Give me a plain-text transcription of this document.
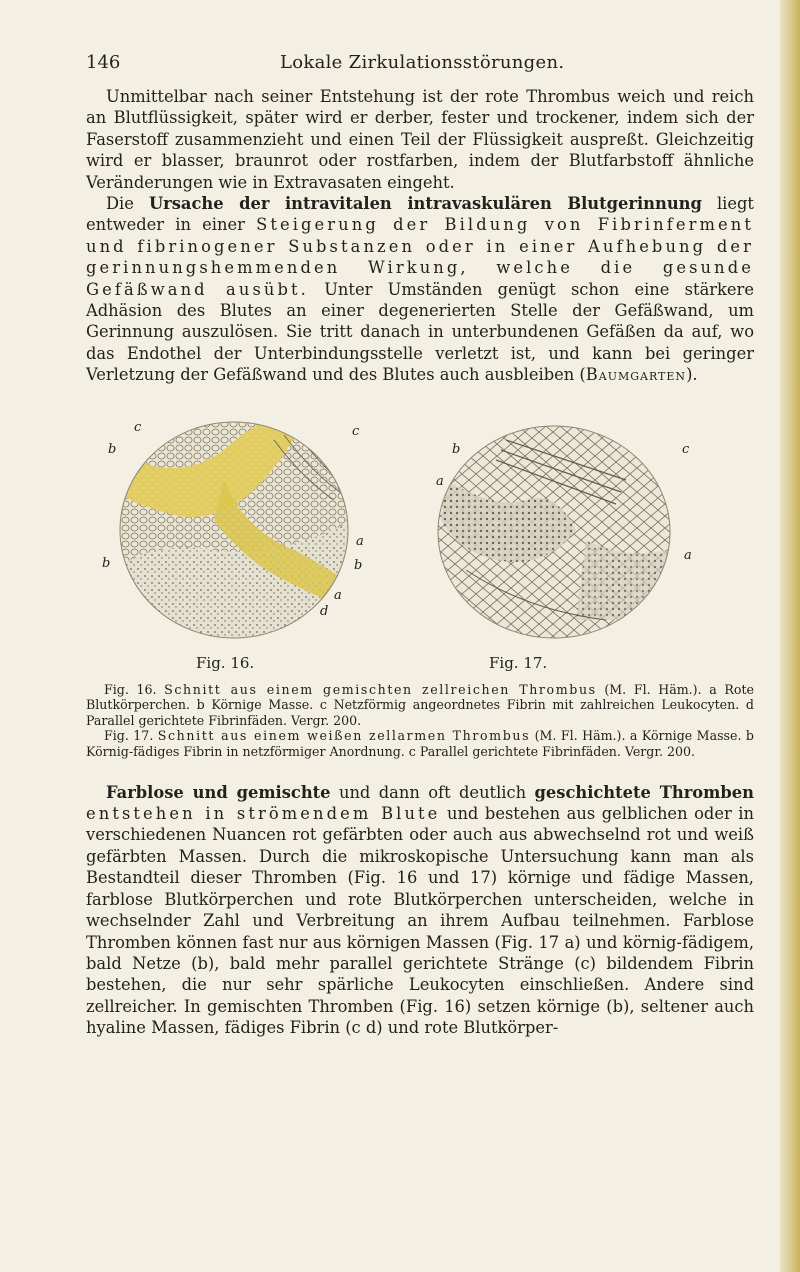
146	Lokale Zirkulationsstörungen.

Unmittelbar nach seiner Entstehung ist der rote Thrombus weich und reich an Blutflüssigkeit, später wird er derber, fester und trockener, indem sich der Faserstoff zusammenzieht und einen Teil der Flüssigkeit auspreßt. Gleichzeitig wird er blasser, braunrot oder rostfarben, indem der Blutfarbstoff ähnliche Veränderungen wie in Extravasaten eingeht.

Die Ursache der intravitalen intravaskulären Blutgerinnung liegt entweder in einer Steigerung der Bildung von Fibrinferment und fibrinogener Substanzen oder in einer Aufhebung der gerinnungshemmenden Wirkung, welche die gesunde Gefäßwand ausübt. Unter Umständen genügt schon eine stärkere Adhäsion des Blutes an einer degenerierten Stelle der Gefäßwand, um Gerinnung auszulösen. Sie tritt danach in unterbundenen Gefäßen da auf, wo das Endothel der Unterbindungsstelle verletzt ist, und kann bei geringer Verletzung der Gefäßwand und des Blutes auch ausbleiben (Baumgarten).

c
b
b
c
a
b
a
d
b
a
c
a
Fig. 16.	Fig. 17.

Fig. 16. Schnitt aus einem gemischten zellreichen Thrombus (M. Fl. Häm.). a Rote Blutkörperchen. b Körnige Masse. c Netzförmig angeordnetes Fibrin mit zahlreichen Leukocyten. d Parallel gerichtete Fibrinfäden. Vergr. 200.

Fig. 17. Schnitt aus einem weißen zellarmen Thrombus (M. Fl. Häm.). a Körnige Masse. b Körnig-fädiges Fibrin in netzförmiger Anordnung. c Parallel gerichtete Fibrinfäden. Vergr. 200.

Farblose und gemischte und dann oft deutlich geschichtete Thromben entstehen in strömendem Blute und bestehen aus gelblichen oder in verschiedenen Nuancen rot gefärbten oder auch aus abwechselnd rot und weiß gefärbten Massen. Durch die mikroskopische Untersuchung kann man als Bestandteil dieser Thromben (Fig. 16 und 17) körnige und fädige Massen, farblose Blutkörperchen und rote Blutkörperchen unterscheiden, welche in wechselnder Zahl und Verbreitung an ihrem Aufbau teilnehmen. Farblose Thromben können fast nur aus körnigen Massen (Fig. 17 a) und körnig-fädigem, bald Netze (b), bald mehr parallel gerichtete Stränge (c) bildendem Fibrin bestehen, die nur sehr spärliche Leukocyten einschließen. Andere sind zellreicher. In gemischten Thromben (Fig. 16) setzen körnige (b), seltener auch hyaline Massen, fädiges Fibrin (c d) und rote Blutkörper-
